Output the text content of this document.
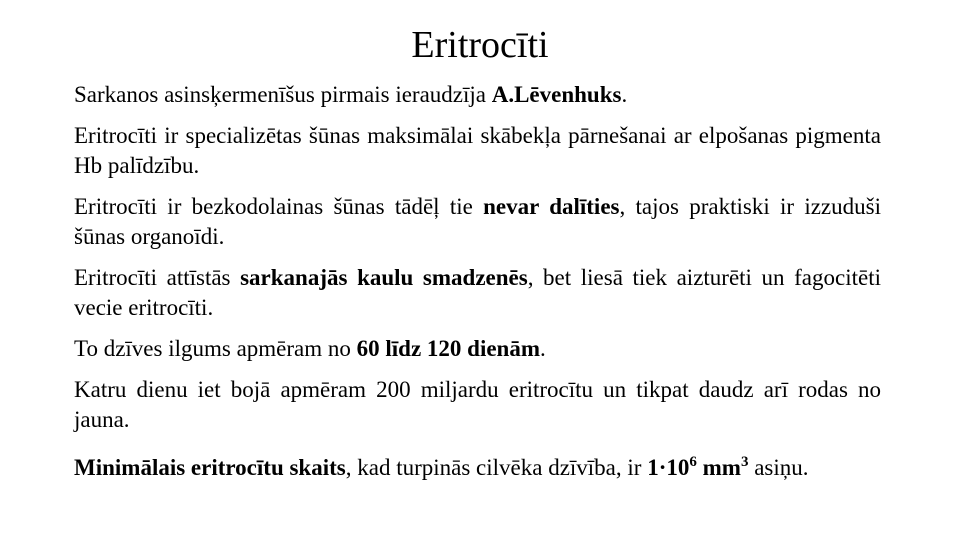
Eritrocīti

Sarkanos asinsķermenīšus pirmais ieraudzīja A.Lēvenhuks.

Eritrocīti ir specializētas šūnas maksimālai skābekļa pārnešanai ar elpošanas pigmenta Hb palīdzību.

Eritrocīti ir bezkodolainas šūnas tādēļ tie nevar dalīties, tajos praktiski ir izzuduši šūnas organoīdi.

Eritrocīti attīstās sarkanajās kaulu smadzenēs, bet liesā tiek aizturēti un fagocitēti vecie eritrocīti.

To dzīves ilgums apmēram no 60 līdz 120 dienām.

Katru dienu iet bojā apmēram 200 miljardu eritrocītu un tikpat daudz arī rodas no jauna.

Minimālais eritrocītu skaits, kad turpinās cilvēka dzīvība, ir $1\cdot 10^6$ $mm^3$ asiņu.
